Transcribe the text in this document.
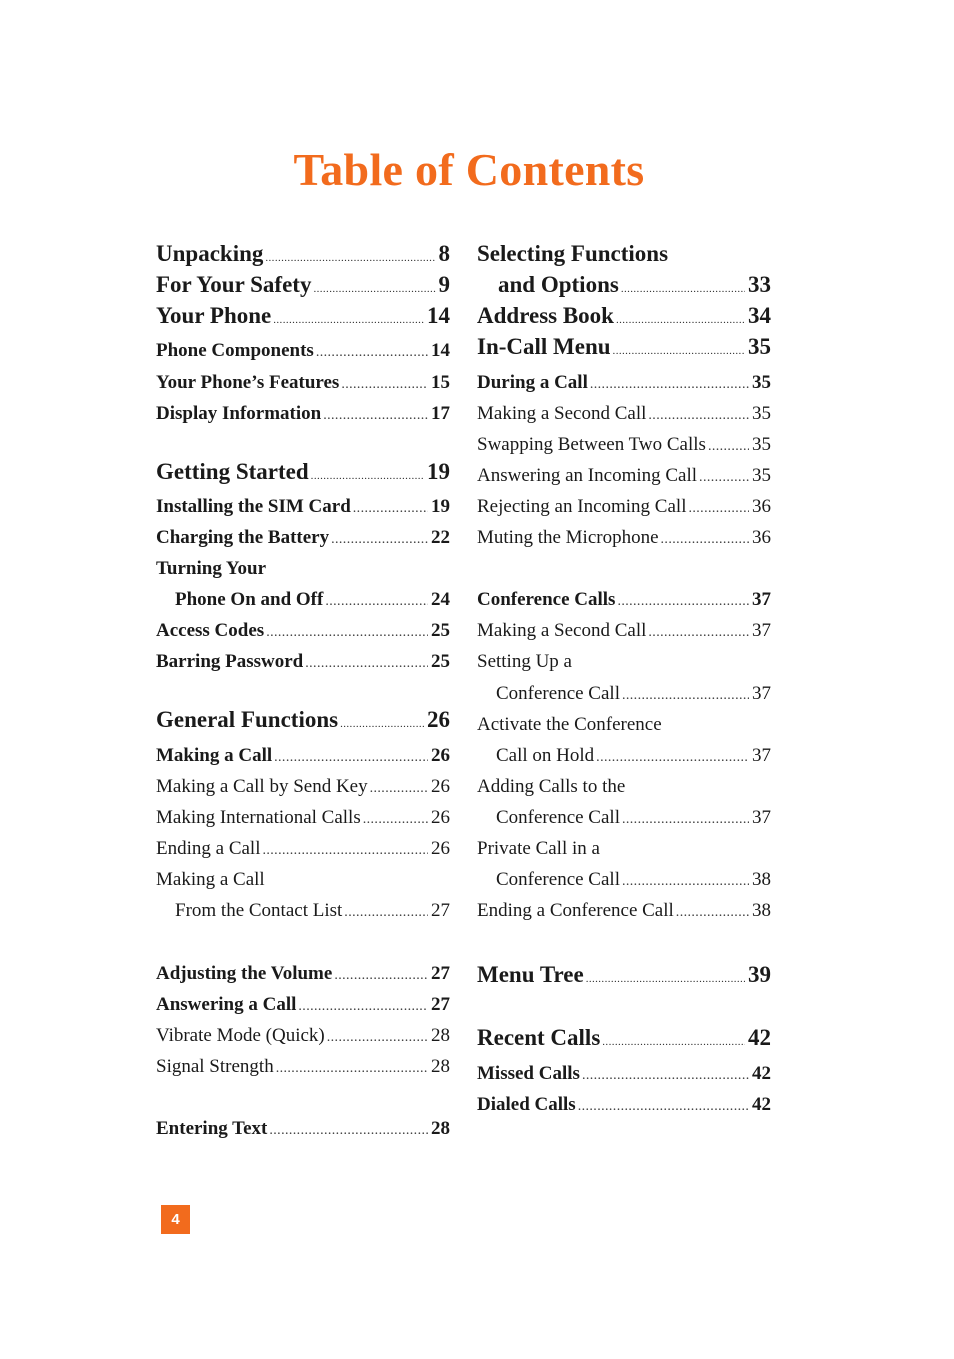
Table of Contents
Unpacking .....	8
For Your Safety .....	9
Your Phone .....	14
Phone Components .....	14
Your Phone’s Features .....	15
Display Information .....	17
Getting Started .....	19
Installing the SIM Card .....	19
Charging the Battery .....	22
Turning Your
Phone On and Off .....	24
Access Codes .....	25
Barring Password .....	25
General Functions .....	26
Making a Call .....	26
Making a Call by Send Key .....	26
Making International Calls .....	26
Ending a Call .....	26
Making a Call
From the Contact List .....	27
Adjusting the Volume .....	27
Answering a Call .....	27
Vibrate Mode (Quick) .....	28
Signal Strength .....	28
Entering Text .....	28
Selecting Functions
and Options .....	33
Address Book .....	34
In-Call Menu .....	35
During a Call .....	35
Making a Second Call .....	35
Swapping Between Two Calls ..... 35
Answering an Incoming Call .....	35
Rejecting an Incoming Call .....	36
Muting the Microphone .....	36
Conference Calls .....	37
Making a Second Call .....	37
Setting Up a
Conference Call .....	37
Activate the Conference
Call on Hold .....	37
Adding Calls to the
Conference Call .....	37
Private Call in a
Conference Call .....	38
Ending a Conference Call .....	38
Menu Tree .....	39
Recent Calls .....	42
Missed Calls .....	42
Dialed Calls .....	42
4
